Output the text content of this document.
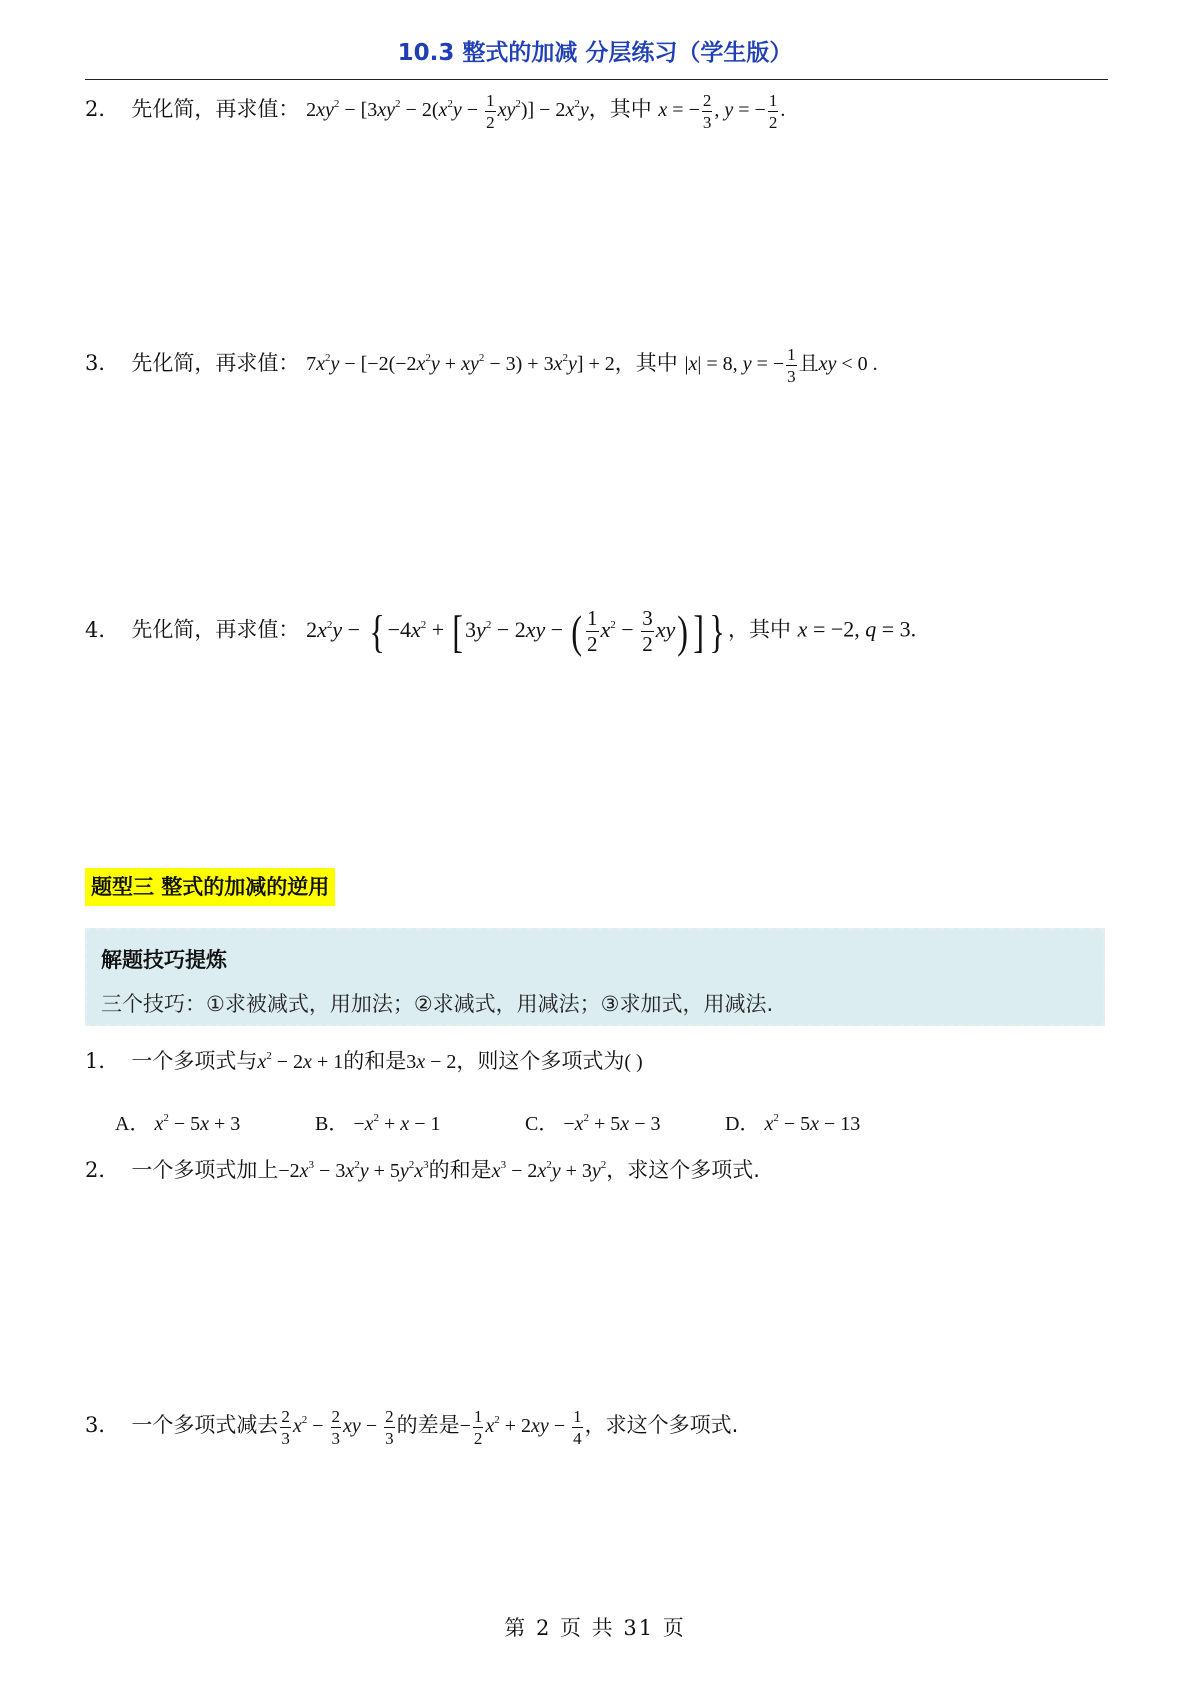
10.3 整式的加减 分层练习（学生版）
2． 先化简，再求值： $2xy^2 - [3xy^2 - 2(x^2y - \frac{1}{2} xy^2)] - 2x^2y$，其中 x = − $\frac{2}{3}$ , y = − $\frac{1}{2}$ .
3． 先化简，再求值： $7x^2y - [-2(-2x^2y + xy^2 - 3) + 3x^2y] + 2$，其中 |x| = 8, y = − $\frac{1}{3}$ 且xy < 0 .
4． 先化简，再求值： $2x^2y$ − { $-4x^2$ + [ $3y^2 - 2xy$ − ( $\frac{1}{2} x^2 - \frac{3}{2} xy$)] } ，其中 x = −2, q = 3.
题型三 整式的加减的逆用
解题技巧提炼
三个技巧：①求被减式，用加法；②求减式，用减法；③求加式，用减法.
1． 一个多项式与$x^2 - 2x + 1$的和是3x − 2，则这个多项式为( )
A． $x^2 - 5x + 3$	B． $-x^2 + x - 1$	C． $-x^2 + 5x - 3$	D． $x^2 - 5x - 13$
2． 一个多项式加上$-2x^3 - 3x^2y + 5y^2x^3$的和是$x^3 - 2x^2y + 3y^2$，求这个多项式.
3． 一个多项式减去 $\frac{2}{3} x^2 - \frac{2}{3}$ xy − $\frac{2}{3}$ 的差是− $\frac{1}{2} x^2 + 2xy - \frac{1}{4}$ ，求这个多项式.
第 2 页 共 31 页
